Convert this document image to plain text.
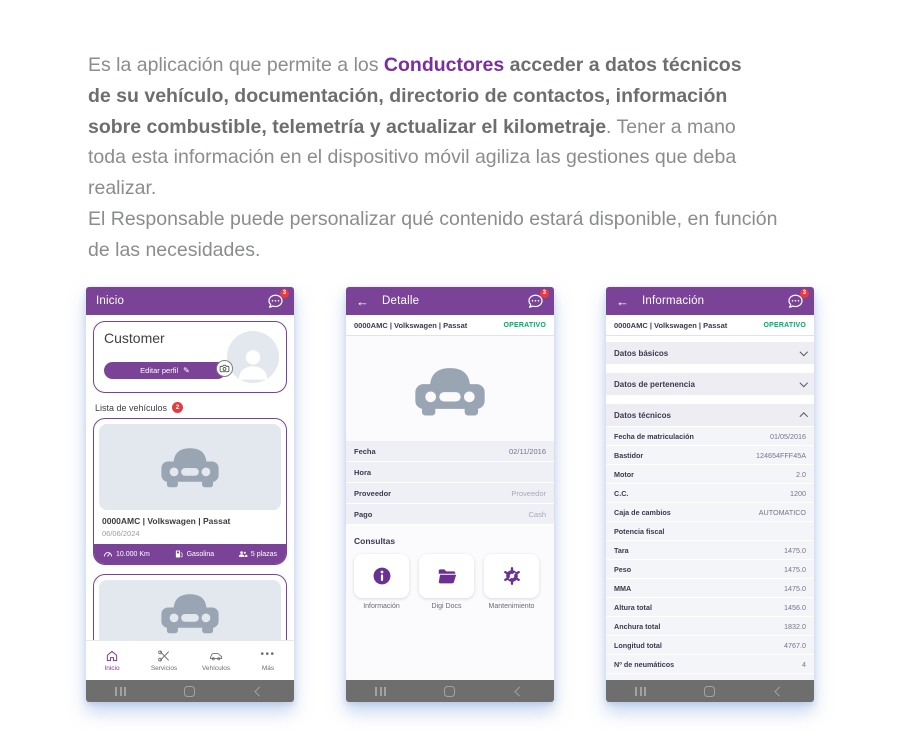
Es la aplicación que permite a los Conductores acceder a datos técnicos
de su vehículo, documentación, directorio de contactos, información
sobre combustible, telemetría y actualizar el kilometraje. Tener a mano
toda esta información en el dispositivo móvil agiliza las gestiones que deba
realizar.
El Responsable puede personalizar qué contenido estará disponible, en función
de las necesidades.
Inicio
3
Customer
Editar perfil ✎
Lista de vehículos	2
0000AMC | Volkswagen | Passat
06/06/2024
10.000 Km	Gasolina	5 plazas
Inicio	Servicios	Vehículos
•••
Más
← Detalle
3
0000AMC | Volkswagen | Passat	OPERATIVO
Fecha	02/11/2016
Hora
Proveedor	Proveedor
Pago	Cash
Consultas
Información	Digi Docs	Mantenimiento
← Información
3
0000AMC | Volkswagen | Passat	OPERATIVO
Datos básicos
Datos de pertenencia
Datos técnicos
Fecha de matriculación	01/05/2016
Bastidor	124654FFF45A
Motor	2.0
C.C.	1200
Caja de cambios	AUTOMATICO
Potencia fiscal
Tara	1475.0
Peso	1475.0
MMA	1475.0
Altura total	1456.0
Anchura total	1832.0
Longitud total	4767.0
Nº de neumáticos	4
